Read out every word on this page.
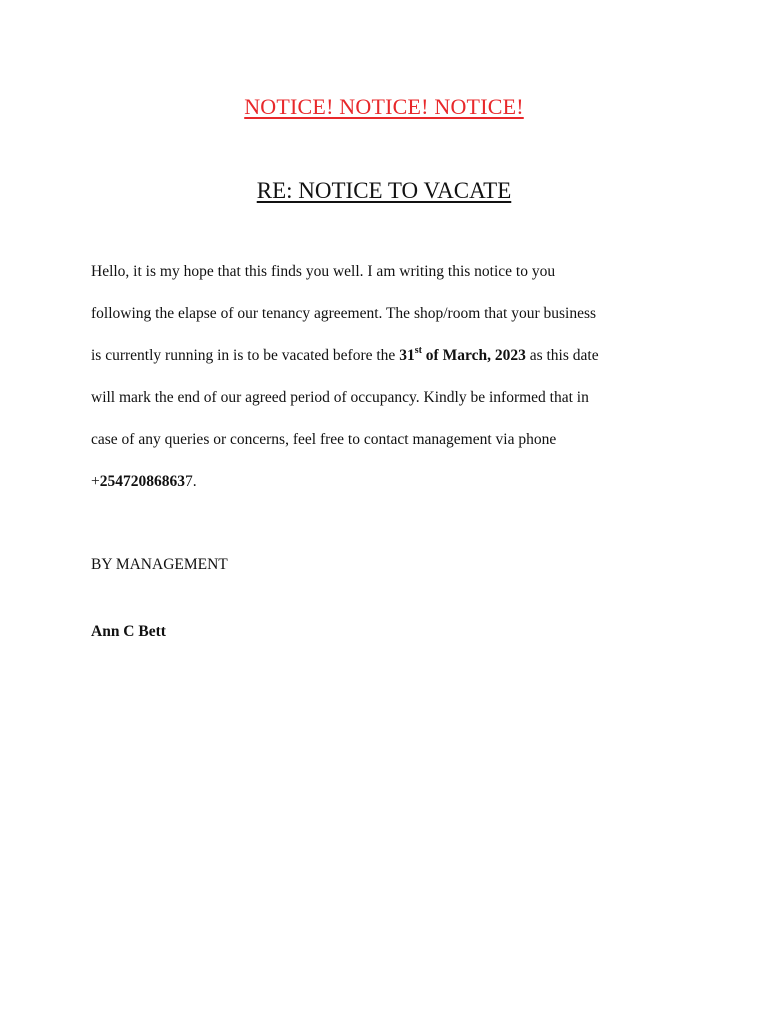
NOTICE! NOTICE! NOTICE!
RE: NOTICE TO VACATE
Hello, it is my hope that this finds you well. I am writing this notice to you
following the elapse of our tenancy agreement. The shop/room that your business
is currently running in is to be vacated before the 31st of March, 2023 as this date
will mark the end of our agreed period of occupancy. Kindly be informed that in
case of any queries or concerns, feel free to contact management via phone
+254720868637.
BY MANAGEMENT
Ann C Bett
